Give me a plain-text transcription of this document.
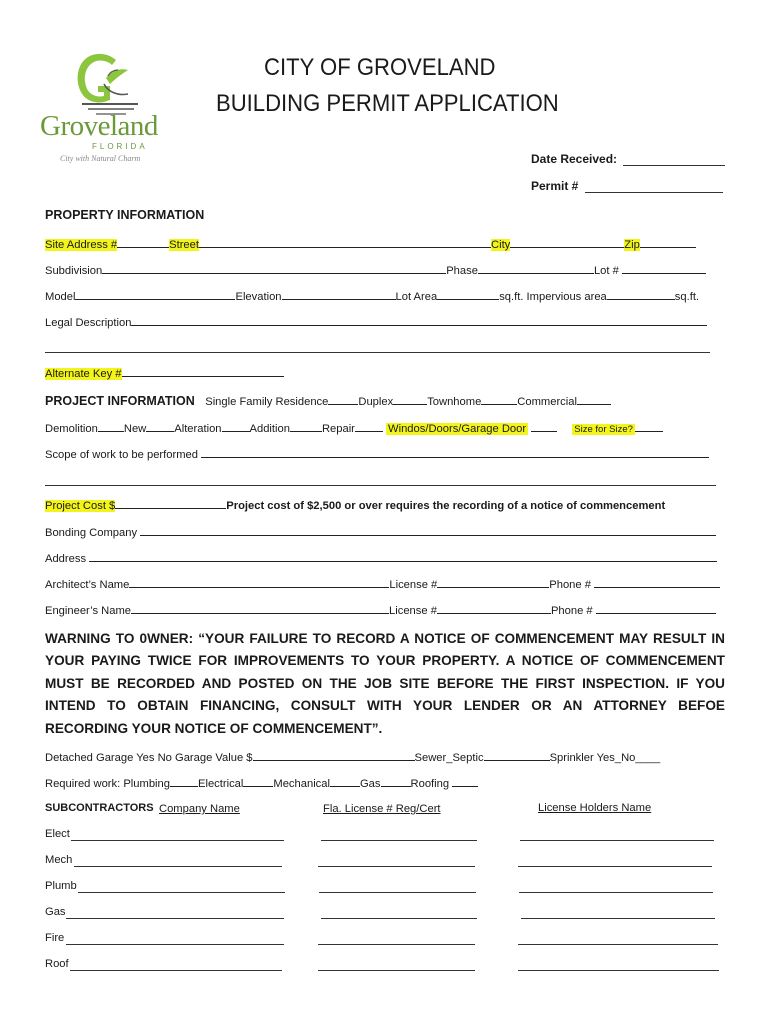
Groveland
FLORIDA
City with Natural Charm
CITY OF GROVELAND
BUILDING PERMIT APPLICATION
Date Received:
Permit #
PROPERTY INFORMATION
Site Address #	Street	City	Zip
Subdivision	Phase	Lot #
Model	Elevation	Lot Area	sq.ft. Impervious area	sq.ft.
Legal Description
Alternate Key #
PROJECT INFORMATION Single Family Residence	Duplex	Townhome	Commercial
Demolition New	Alteration	Addition	Repair	Windos/Doors/Garage Door	Size for Size?
Scope of work to be performed
Project Cost $	Project cost of $2,500 or over requires the recording of a notice of commencement
Bonding Company
Address
Architect’s Name	License #	Phone #
Engineer’s Name	License #	Phone #
WARNING TO 0WNER: “YOUR FAILURE TO RECORD A NOTICE OF COMMENCEMENT MAY RESULT IN YOUR PAYING TWICE FOR IMPROVEMENTS TO YOUR PROPERTY. A NOTICE OF COMMENCEMENT MUST BE RECORDED AND POSTED ON THE JOB SITE BEFORE THE FIRST INSPECTION. IF YOU INTEND TO OBTAIN FINANCING, CONSULT WITH YOUR LENDER OR AN ATTORNEY BEFOE RECORDING YOUR NOTICE OF COMMENCEMENT”.
Detached Garage Yes No Garage Value $	Sewer_Septic	Sprinkler Yes_No____
Required work: Plumbing	Electrical	Mechanical	Gas	Roofing
SUBCONTRACTORS Company Name	Fla. License # Reg/Cert	License Holders Name
Elect
Mech
Plumb
Gas
Fire
Roof
